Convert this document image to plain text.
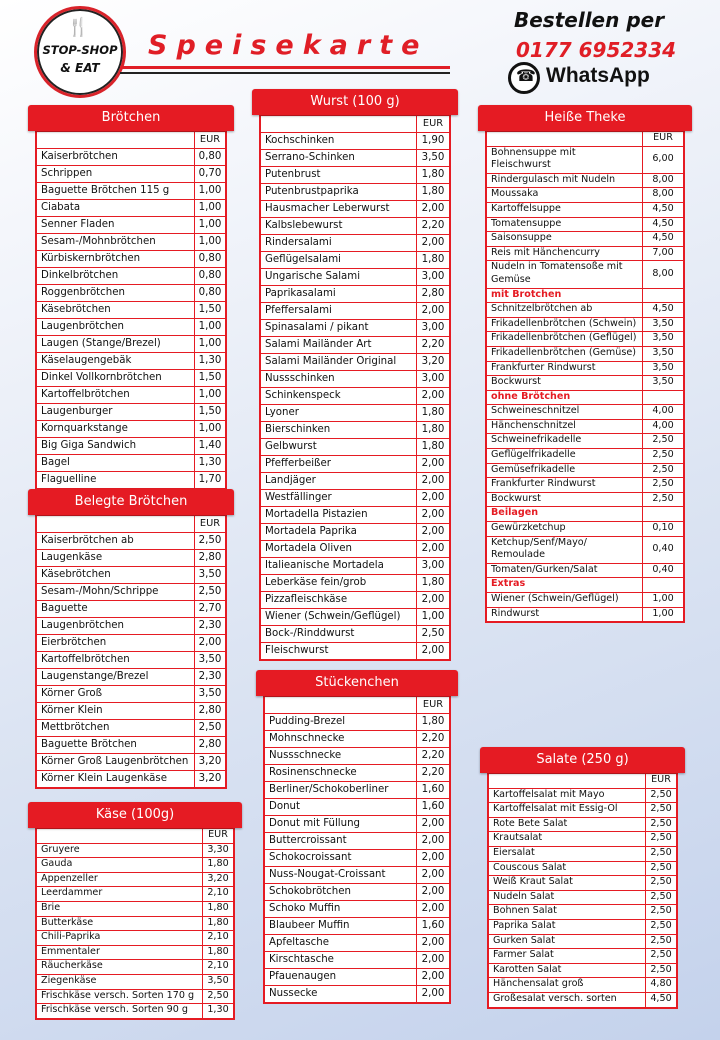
🍴
STOP-SHOP
& EAT
Speisekarte
Bestellen per
0177 6952334
☎
WhatsApp
Brötchen
	EUR
Kaiserbrötchen	0,80
Schrippen	0,70
Baguette Brötchen 115 g	1,00
Ciabata	1,00
Senner Fladen	1,00
Sesam-/Mohnbrötchen	1,00
Kürbiskernbrötchen	0,80
Dinkelbrötchen	0,80
Roggenbrötchen	0,80
Käsebrötchen	1,50
Laugenbrötchen	1,00
Laugen (Stange/Brezel)	1,00
Käselaugengebäk	1,30
Dinkel Vollkornbrötchen	1,50
Kartoffelbrötchen	1,00
Laugenburger	1,50
Kornquarkstange	1,00
Big Giga Sandwich	1,40
Bagel	1,30
Flaguelline	1,70
Belegte Brötchen
	EUR
Kaiserbrötchen ab	2,50
Laugenkäse	2,80
Käsebrötchen	3,50
Sesam-/Mohn/Schrippe	2,50
Baguette	2,70
Laugenbrötchen	2,30
Eierbrötchen	2,00
Kartoffelbrötchen	3,50
Laugenstange/Brezel	2,30
Körner Groß	3,50
Körner Klein	2,80
Mettbrötchen	2,50
Baguette Brötchen	2,80
Körner Groß Laugenbrötchen	3,20
Körner Klein Laugenkäse	3,20
Käse (100g)
	EUR
Gruyere	3,30
Gauda	1,80
Appenzeller	3,20
Leerdammer	2,10
Brie	1,80
Butterkäse	1,80
Chili-Paprika	2,10
Emmentaler	1,80
Räucherkäse	2,10
Ziegenkäse	3,50
Frischkäse versch. Sorten 170 g	2,50
Frischkäse versch. Sorten 90 g	1,30
Wurst (100 g)
	EUR
Kochschinken	1,90
Serrano-Schinken	3,50
Putenbrust	1,80
Putenbrustpaprika	1,80
Hausmacher Leberwurst	2,00
Kalbslebewurst	2,20
Rindersalami	2,00
Geflügelsalami	1,80
Ungarische Salami	3,00
Paprikasalami	2,80
Pfeffersalami	2,00
Spinasalami / pikant	3,00
Salami Mailänder Art	2,20
Salami Mailänder Original	3,20
Nussschinken	3,00
Schinkenspeck	2,00
Lyoner	1,80
Bierschinken	1,80
Gelbwurst	1,80
Pfefferbeißer	2,00
Landjäger	2,00
Westfällinger	2,00
Mortadella Pistazien	2,00
Mortadela Paprika	2,00
Mortadela Oliven	2,00
Italieanische Mortadela	3,00
Leberkäse fein/grob	1,80
Pizzafleischkäse	2,00
Wiener (Schwein/Geflügel)	1,00
Bock-/Rinddwurst	2,50
Fleischwurst	2,00
Stückenchen
	EUR
Pudding-Brezel	1,80
Mohnschnecke	2,20
Nussschnecke	2,20
Rosinenschnecke	2,20
Berliner/Schokoberliner	1,60
Donut	1,60
Donut mit Füllung	2,00
Buttercroissant	2,00
Schokocroissant	2,00
Nuss-Nougat-Croissant	2,00
Schokobrötchen	2,00
Schoko Muffin	2,00
Blaubeer Muffin	1,60
Apfeltasche	2,00
Kirschtasche	2,00
Pfauenaugen	2,00
Nussecke	2,00
Heiße Theke
	EUR
Bohnensuppe mit Fleischwurst	6,00
Rindergulasch mit Nudeln	8,00
Moussaka	8,00
Kartoffelsuppe	4,50
Tomatensuppe	4,50
Saisonsuppe	4,50
Reis mit Hänchencurry	7,00
Nudeln in Tomatensoße mit Gemüse	8,00
mit Brotchen	
Schnitzelbrötchen ab	4,50
Frikadellenbrötchen (Schwein)	3,50
Frikadellenbrötchen (Geflügel)	3,50
Frikadellenbrötchen (Gemüse)	3,50
Frankfurter Rindwurst	3,50
Bockwurst	3,50
ohne Brötchen	
Schweineschnitzel	4,00
Hänchenschnitzel	4,00
Schweinefrikadelle	2,50
Geflügelfrikadelle	2,50
Gemüsefrikadelle	2,50
Frankfurter Rindwurst	2,50
Bockwurst	2,50
Beilagen	
Gewürzketchup	0,10
Ketchup/Senf/Mayo/ Remoulade	0,40
Tomaten/Gurken/Salat	0,40
Extras	
Wiener (Schwein/Geflügel)	1,00
Rindwurst	1,00
Salate (250 g)
	EUR
Kartoffelsalat mit Mayo	2,50
Kartoffelsalat mit Essig-Öl	2,50
Rote Bete Salat	2,50
Krautsalat	2,50
Eiersalat	2,50
Couscous Salat	2,50
Weiß Kraut Salat	2,50
Nudeln Salat	2,50
Bohnen Salat	2,50
Paprika Salat	2,50
Gurken Salat	2,50
Farmer Salat	2,50
Karotten Salat	2,50
Hänchensalat groß	4,80
Großesalat versch. sorten	4,50
